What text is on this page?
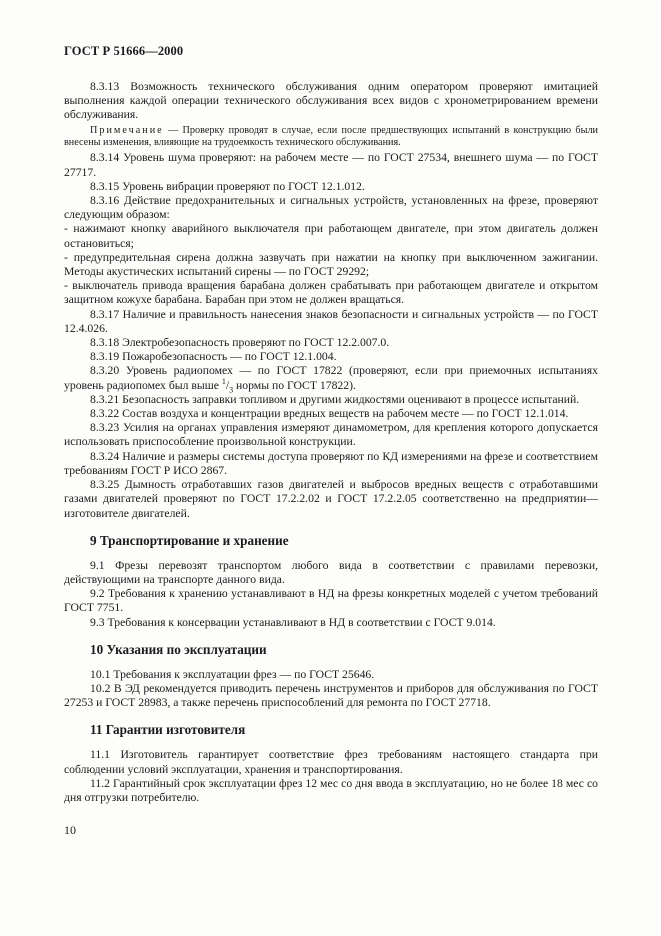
ГОСТ Р 51666—2000

8.3.13 Возможность технического обслуживания одним оператором проверяют имитацией выполнения каждой операции технического обслуживания всех видов с хронометрированием времени обслуживания.

Примечание — Проверку проводят в случае, если после предшествующих испытаний в конструкцию были внесены изменения, влияющие на трудоемкость технического обслуживания.

8.3.14 Уровень шума проверяют: на рабочем месте — по ГОСТ 27534, внешнего шума — по ГОСТ 27717.

8.3.15 Уровень вибрации проверяют по ГОСТ 12.1.012.

8.3.16 Действие предохранительных и сигнальных устройств, установленных на фрезе, проверяют следующим образом:

- нажимают кнопку аварийного выключателя при работающем двигателе, при этом двигатель должен остановиться;

- предупредительная сирена должна зазвучать при нажатии на кнопку при выключенном зажигании. Методы акустических испытаний сирены — по ГОСТ 29292;

- выключатель привода вращения барабана должен срабатывать при работающем двигателе и открытом защитном кожухе барабана. Барабан при этом не должен вращаться.

8.3.17 Наличие и правильность нанесения знаков безопасности и сигнальных устройств — по ГОСТ 12.4.026.

8.3.18 Электробезопасность проверяют по ГОСТ 12.2.007.0.

8.3.19 Пожаробезопасность — по ГОСТ 12.1.004.

8.3.20 Уровень радиопомех — по ГОСТ 17822 (проверяют, если при приемочных испытаниях уровень радиопомех был выше $^1/_3$ нормы по ГОСТ 17822).

8.3.21 Безопасность заправки топливом и другими жидкостями оценивают в процессе испытаний.

8.3.22 Состав воздуха и концентрации вредных веществ на рабочем месте — по ГОСТ 12.1.014.

8.3.23 Усилия на органах управления измеряют динамометром, для крепления которого допускается использовать приспособление произвольной конструкции.

8.3.24 Наличие и размеры системы доступа проверяют по КД измерениями на фрезе и соответствием требованиям ГОСТ Р ИСО 2867.

8.3.25 Дымность отработавших газов двигателей и выбросов вредных веществ с отработавшими газами двигателей проверяют по ГОСТ 17.2.2.02 и ГОСТ 17.2.2.05 соответственно на предприятии—изготовителе двигателей.

9 Транспортирование и хранение

9.1 Фрезы перевозят транспортом любого вида в соответствии с правилами перевозки, действующими на транспорте данного вида.

9.2 Требования к хранению устанавливают в НД на фрезы конкретных моделей с учетом требований ГОСТ 7751.

9.3 Требования к консервации устанавливают в НД в соответствии с ГОСТ 9.014.

10 Указания по эксплуатации

10.1 Требования к эксплуатации фрез — по ГОСТ 25646.

10.2 В ЭД рекомендуется приводить перечень инструментов и приборов для обслуживания по ГОСТ 27253 и ГОСТ 28983, а также перечень приспособлений для ремонта по ГОСТ 27718.

11 Гарантии изготовителя

11.1 Изготовитель гарантирует соответствие фрез требованиям настоящего стандарта при соблюдении условий эксплуатации, хранения и транспортирования.

11.2 Гарантийный срок эксплуатации фрез 12 мес со дня ввода в эксплуатацию, но не более 18 мес со дня отгрузки потребителю.

10
